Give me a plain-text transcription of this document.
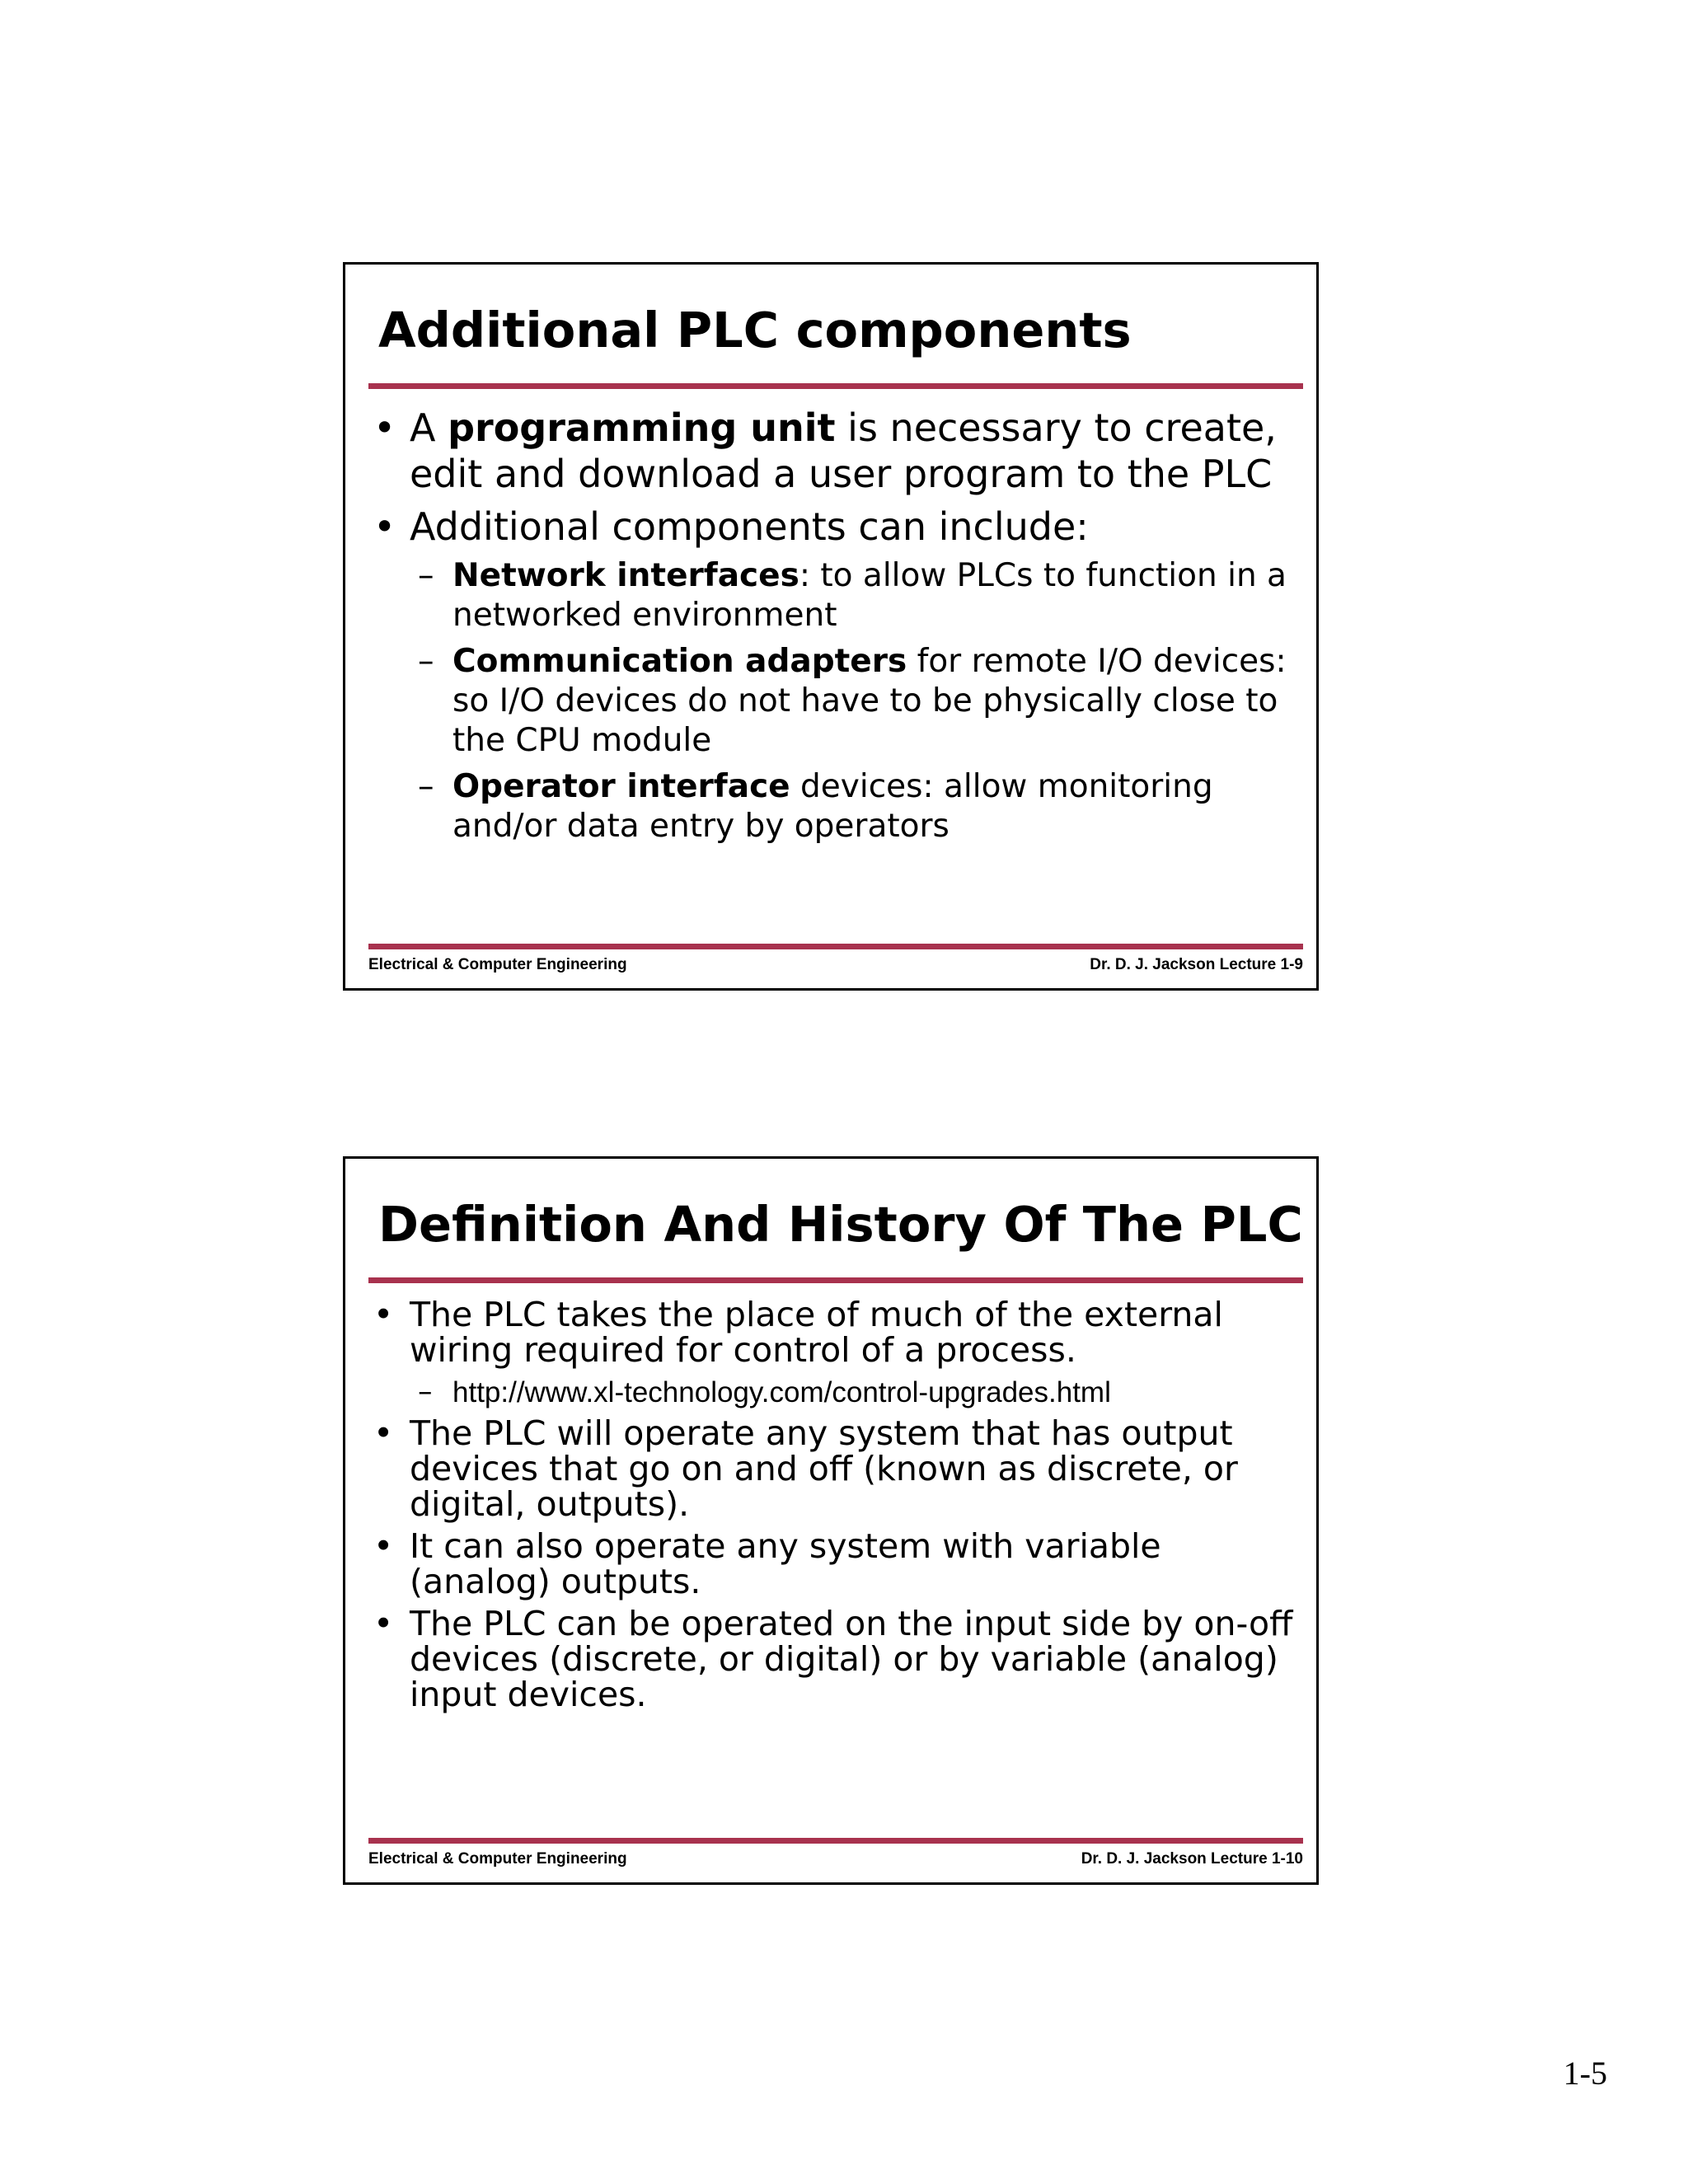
Additional PLC components
• A programming unit is necessary to create, edit and download a user program to the PLC
• Additional components can include:
– Network interfaces: to allow PLCs to function in a networked environment
– Communication adapters for remote I/O devices: so I/O devices do not have to be physically close to the CPU module
– Operator interface devices: allow monitoring and/or data entry by operators
Electrical & Computer Engineering	Dr. D. J. Jackson Lecture 1-9
Definition And History Of The PLC
• The PLC takes the place of much of the external wiring required for control of a process.
– http://www.xl-technology.com/control-upgrades.html
• The PLC will operate any system that has output devices that go on and off (known as discrete, or digital, outputs).
• It can also operate any system with variable (analog) outputs.
• The PLC can be operated on the input side by on-off devices (discrete, or digital) or by variable (analog) input devices.
Electrical & Computer Engineering	Dr. D. J. Jackson Lecture 1-10
1-5
